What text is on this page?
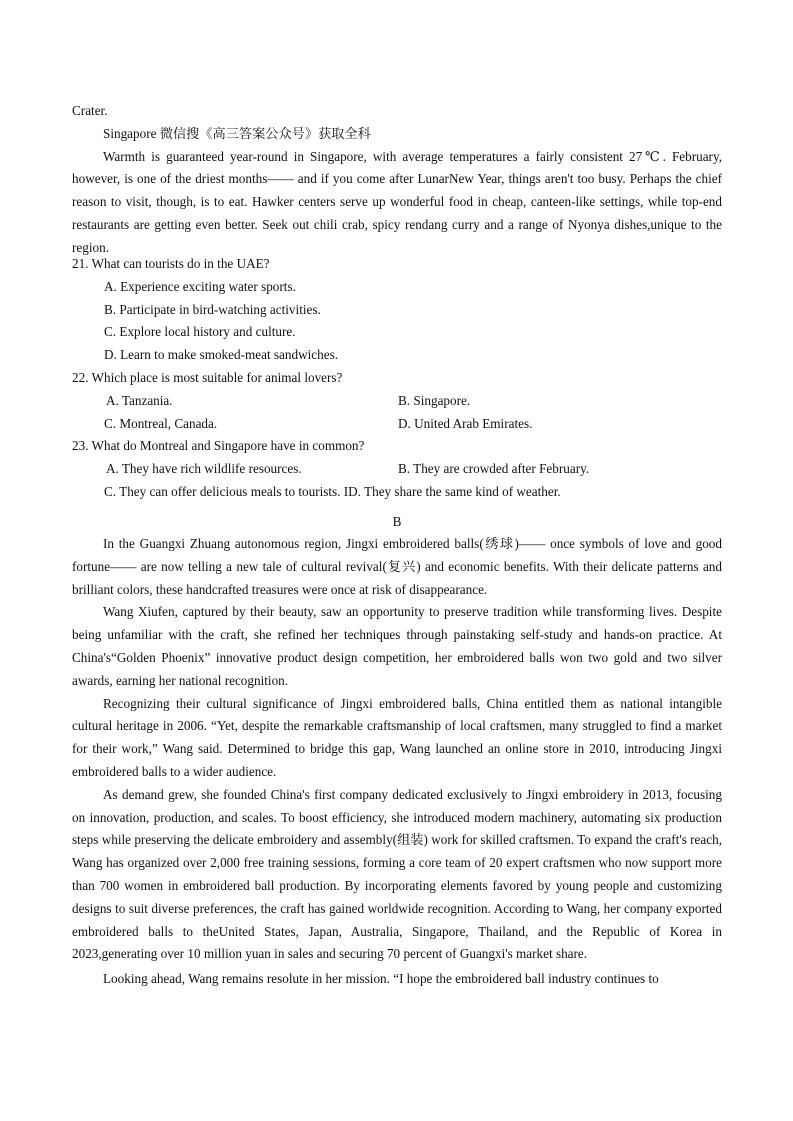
Crater.

Singapore 微信搜《高三答案公众号》获取全科

Warmth is guaranteed year-round in Singapore, with average temperatures a fairly consistent 27℃. February, however, is one of the driest months—— and if you come after LunarNew Year, things aren't too busy. Perhaps the chief reason to visit, though, is to eat. Hawker centers serve up wonderful food in cheap, canteen-like settings, while top-end restaurants are getting even better. Seek out chili crab, spicy rendang curry and a range of Nyonya dishes,unique to the region.

21. What can tourists do in the UAE?

A. Experience exciting water sports.

B. Participate in bird-watching activities.

C. Explore local history and culture.

D. Learn to make smoked-meat sandwiches.

22. Which place is most suitable for animal lovers?

A. Tanzania.	B. Singapore.
C. Montreal, Canada.	D. United Arab Emirates.

23. What do Montreal and Singapore have in common?

A. They have rich wildlife resources.	B. They are crowded after February.

C. They can offer delicious meals to tourists. ID. They share the same kind of weather.

B

In the Guangxi Zhuang autonomous region, Jingxi embroidered balls(绣球)—— once symbols of love and good fortune—— are now telling a new tale of cultural revival(复兴) and economic benefits. With their delicate patterns and brilliant colors, these handcrafted treasures were once at risk of disappearance.

Wang Xiufen, captured by their beauty, saw an opportunity to preserve tradition while transforming lives. Despite being unfamiliar with the craft, she refined her techniques through painstaking self-study and hands-on practice. At China's“Golden Phoenix” innovative product design competition, her embroidered balls won two gold and two silver awards, earning her national recognition.

Recognizing their cultural significance of Jingxi embroidered balls, China entitled them as national intangible cultural heritage in 2006. “Yet, despite the remarkable craftsmanship of local craftsmen, many struggled to find a market for their work,” Wang said. Determined to bridge this gap, Wang launched an online store in 2010, introducing Jingxi embroidered balls to a wider audience.

As demand grew, she founded China's first company dedicated exclusively to Jingxi embroidery in 2013, focusing on innovation, production, and scales. To boost efficiency, she introduced modern machinery, automating six production steps while preserving the delicate embroidery and assembly(组装) work for skilled craftsmen. To expand the craft's reach, Wang has organized over 2,000 free training sessions, forming a core team of 20 expert craftsmen who now support more than 700 women in embroidered ball production. By incorporating elements favored by young people and customizing designs to suit diverse preferences, the craft has gained worldwide recognition. According to Wang, her company exported embroidered balls to theUnited States, Japan, Australia, Singapore, Thailand, and the Republic of Korea in 2023,generating over 10 million yuan in sales and securing 70 percent of Guangxi's market share.

Looking ahead, Wang remains resolute in her mission. “I hope the embroidered ball industry continues to
